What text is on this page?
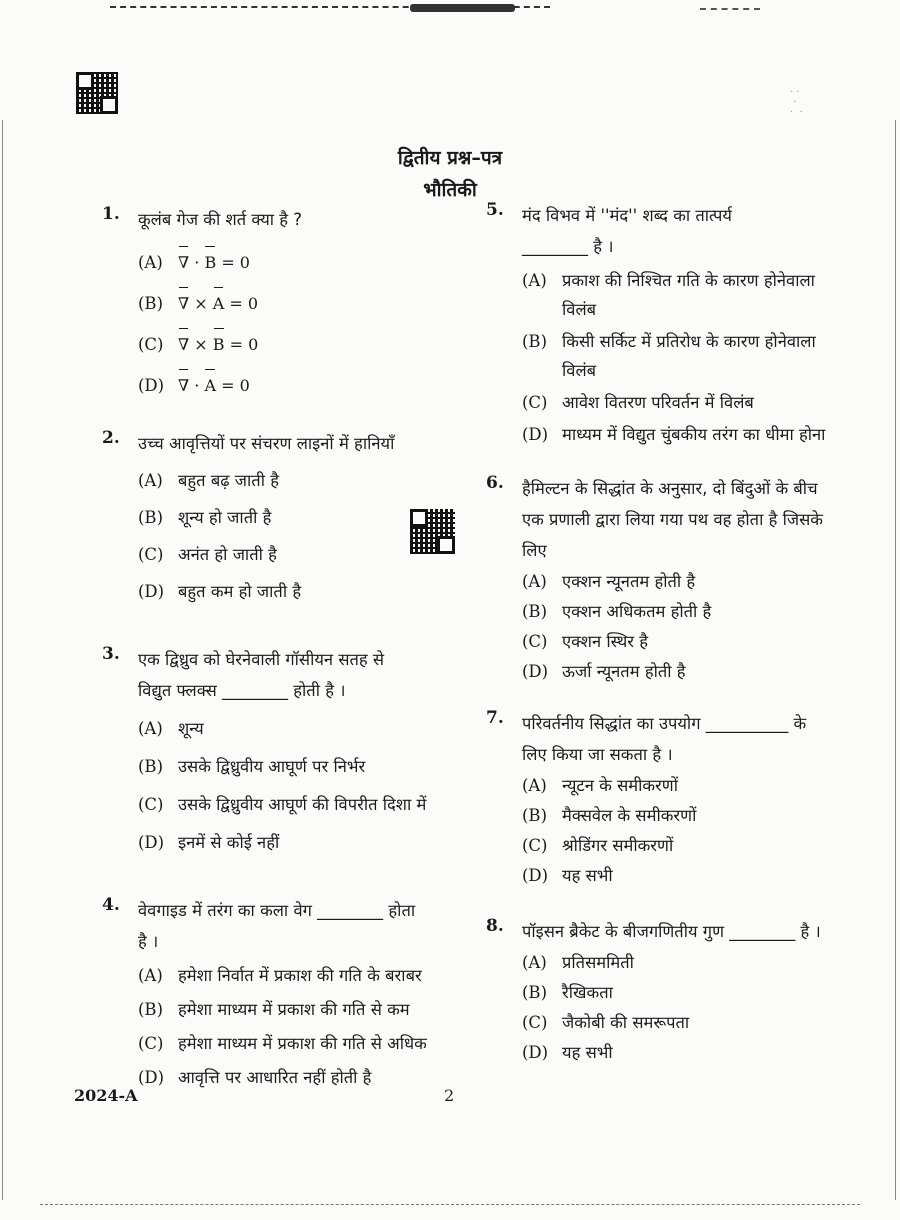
· ·
·
·  ·
द्वितीय प्रश्न–पत्र
भौतिकी
1. कूलंब गेज की शर्त क्या है ?
(A) ∇ · B = 0
(B) ∇ × A = 0
(C) ∇ × B = 0
(D) ∇ · A = 0
2. उच्च आवृत्तियों पर संचरण लाइनों में हानियाँ
(A) बहुत बढ़ जाती है
(B) शून्य हो जाती है
(C) अनंत हो जाती है
(D) बहुत कम हो जाती है
3. एक द्विध्रुव को घेरनेवाली गॉसीयन सतह से विद्युत फ्लक्स ________ होती है ।
(A) शून्य
(B) उसके द्विध्रुवीय आघूर्ण पर निर्भर
(C) उसके द्विध्रुवीय आघूर्ण की विपरीत दिशा में
(D) इनमें से कोई नहीं
4. वेवगाइड में तरंग का कला वेग ________ होता है ।
(A) हमेशा निर्वात में प्रकाश की गति के बराबर
(B) हमेशा माध्यम में प्रकाश की गति से कम
(C) हमेशा माध्यम में प्रकाश की गति से अधिक
(D) आवृत्ति पर आधारित नहीं होती है
5. मंद विभव में ''मंद'' शब्द का तात्पर्य ________ है ।
(A) प्रकाश की निश्चित गति के कारण होनेवाला विलंब
(B) किसी सर्किट में प्रतिरोध के कारण होनेवाला विलंब
(C) आवेश वितरण परिवर्तन में विलंब
(D) माध्यम में विद्युत चुंबकीय तरंग का धीमा होना
6. हैमिल्टन के सिद्धांत के अनुसार, दो बिंदुओं के बीच एक प्रणाली द्वारा लिया गया पथ वह होता है जिसके लिए
(A) एक्शन न्यूनतम होती है
(B) एक्शन अधिकतम होती है
(C) एक्शन स्थिर है
(D) ऊर्जा न्यूनतम होती है
7. परिवर्तनीय सिद्धांत का उपयोग __________ के लिए किया जा सकता है ।
(A) न्यूटन के समीकरणों
(B) मैक्सवेल के समीकरणों
(C) श्रोडिंगर समीकरणों
(D) यह सभी
8. पॉइसन ब्रैकेट के बीजगणितीय गुण ________ है ।
(A) प्रतिसममिती
(B) रैखिकता
(C) जैकोबी की समरूपता
(D) यह सभी
2024-A	2
